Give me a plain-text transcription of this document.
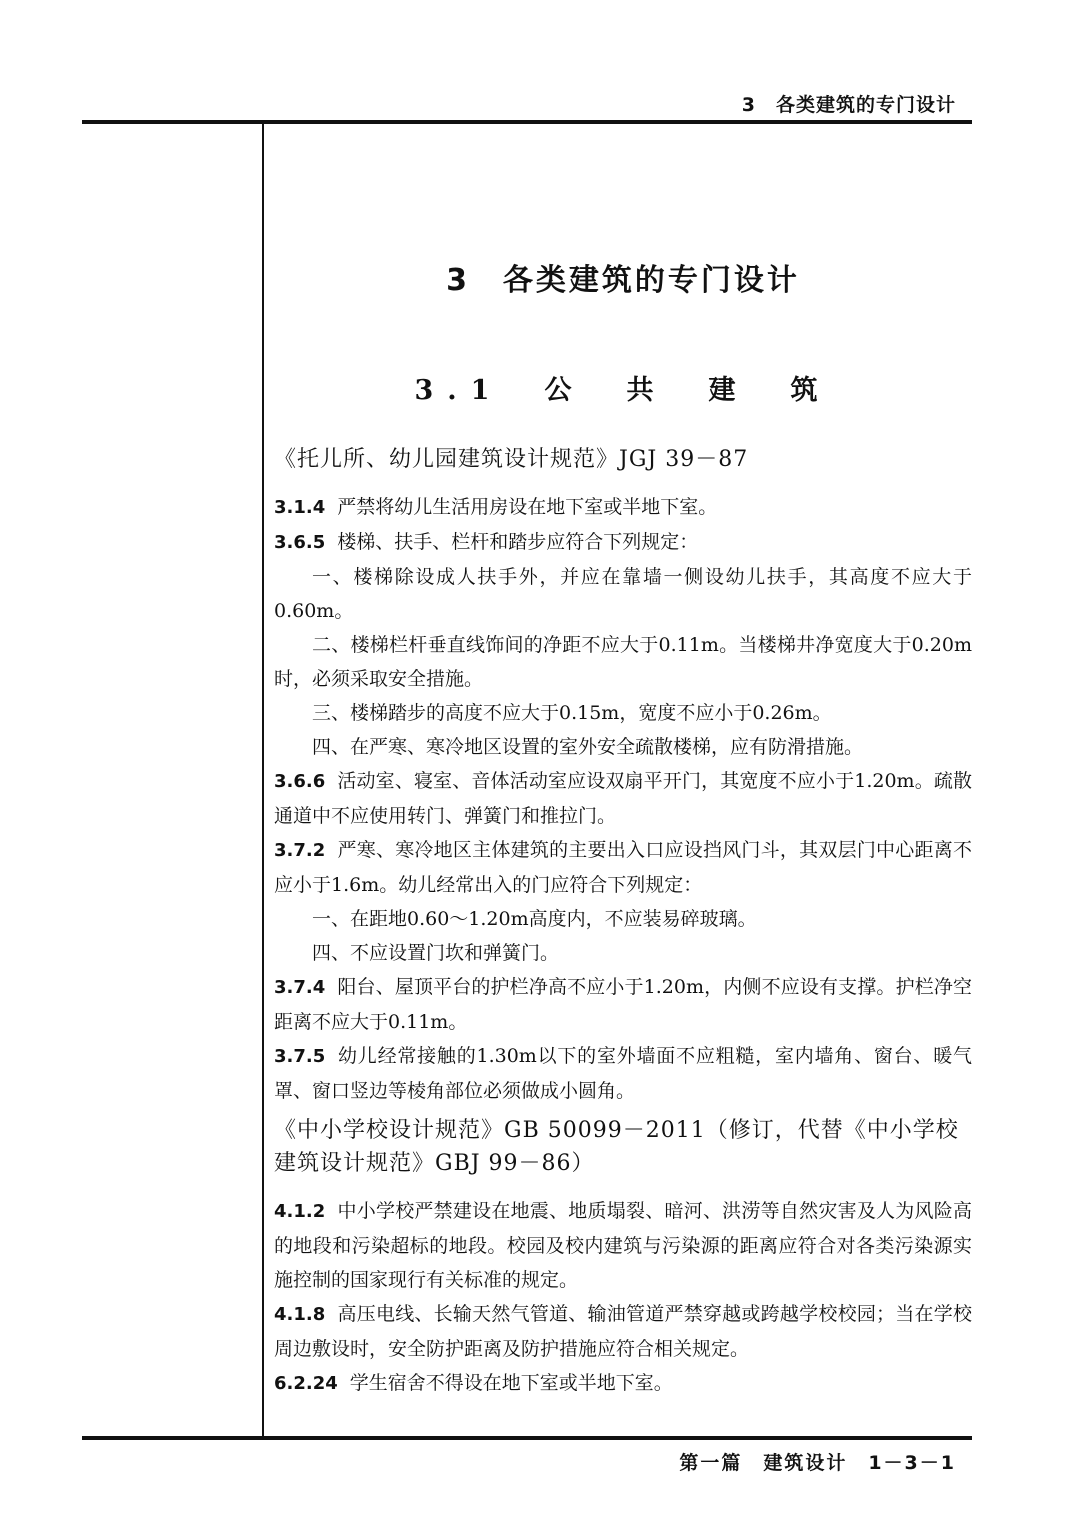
3　各类建筑的专门设计
3　各类建筑的专门设计
3.1　公　共　建　筑

《托儿所、幼儿园建筑设计规范》JGJ 39－87

3.1.4 严禁将幼儿生活用房设在地下室或半地下室。

3.6.5 楼梯、扶手、栏杆和踏步应符合下列规定：

一、楼梯除设成人扶手外，并应在靠墙一侧设幼儿扶手，其高度不应大于0.60m。

二、楼梯栏杆垂直线饰间的净距不应大于0.11m。当楼梯井净宽度大于0.20m时，必须采取安全措施。

三、楼梯踏步的高度不应大于0.15m，宽度不应小于0.26m。

四、在严寒、寒冷地区设置的室外安全疏散楼梯，应有防滑措施。

3.6.6 活动室、寝室、音体活动室应设双扇平开门，其宽度不应小于1.20m。疏散通道中不应使用转门、弹簧门和推拉门。

3.7.2 严寒、寒冷地区主体建筑的主要出入口应设挡风门斗，其双层门中心距离不应小于1.6m。幼儿经常出入的门应符合下列规定：

一、在距地0.60～1.20m高度内，不应装易碎玻璃。

四、不应设置门坎和弹簧门。

3.7.4 阳台、屋顶平台的护栏净高不应小于1.20m，内侧不应设有支撑。护栏净空距离不应大于0.11m。

3.7.5 幼儿经常接触的1.30m以下的室外墙面不应粗糙，室内墙角、窗台、暖气罩、窗口竖边等棱角部位必须做成小圆角。

《中小学校设计规范》GB 50099－2011（修订，代替《中小学校建筑设计规范》GBJ 99－86）

4.1.2 中小学校严禁建设在地震、地质塌裂、暗河、洪涝等自然灾害及人为风险高的地段和污染超标的地段。校园及校内建筑与污染源的距离应符合对各类污染源实施控制的国家现行有关标准的规定。

4.1.8 高压电线、长输天然气管道、输油管道严禁穿越或跨越学校校园；当在学校周边敷设时，安全防护距离及防护措施应符合相关规定。

6.2.24 学生宿舍不得设在地下室或半地下室。

第一篇　建筑设计　1－3－1
